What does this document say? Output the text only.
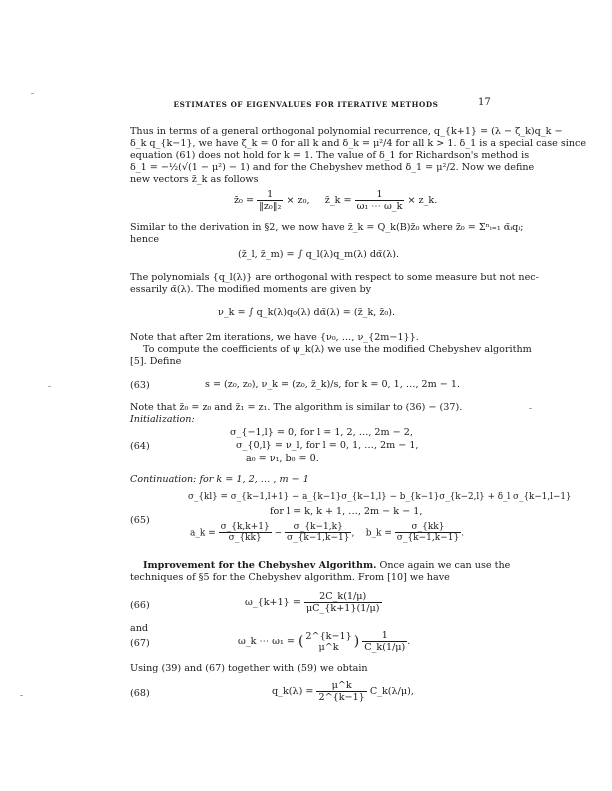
ESTIMATES OF EIGENVALUES FOR ITERATIVE METHODS	17
Thus in terms of a general orthogonal polynomial recurrence, q_{k+1} = (λ − ζ_k)q_k −
δ_k q_{k−1}, we have ζ_k = 0 for all k and δ_k = μ²/4 for all k > 1. δ_1 is a special case since
equation (61) does not hold for k = 1. The value of δ_1 for Richardson's method is
δ_1 = −½(√(1 − μ²) − 1) and for the Chebyshev method δ_1 = μ²/2. Now we define
new vectors z̃_k as follows
z̃₀ = $\frac{1}{\text{‖z₀‖₂}} \times z_0$, z̃_k = $\frac{1}{\text{ω₁ ⋯ ω\_k}}$ × z_k.
Similar to the derivation in §2, we now have z̃_k = Q_k(B)z̃₀ where z̃₀ = Σⁿᵢ₌₁ α̃ᵢqᵢ;
hence
(z̃_l, z̃_m) = ∫ q_l(λ)q_m(λ) dα̃(λ).
The polynomials {q_l(λ)} are orthogonal with respect to some measure but not nec-
essarily α̃(λ). The modified moments are given by
ν_k = ∫ q_k(λ)q₀(λ) dα̃(λ) = (z̃_k, z̃₀).
Note that after 2m iterations, we have {ν₀, …, ν_{2m−1}}.
To compute the coefficients of ψ_k(λ) we use the modified Chebyshev algorithm
[5]. Define
(63)	s = (z₀, z₀), ν_k = (z₀, z̃_k)/s, for k = 0, 1, …, 2m − 1.
Note that z̃₀ = z₀ and z̃₁ = z₁. The algorithm is similar to (36) − (37).
Initialization:
σ_{−1,l} = 0, for l = 1, 2, …, 2m − 2,
(64)	σ_{0,l} = ν_l, for l = 0, 1, …, 2m − 1,
a₀ = ν₁, b₀ = 0.
Continuation: for k = 1, 2, … , m − 1
σ_{kl} = σ_{k−1,l+1} − a_{k−1}σ_{k−1,l} − b_{k−1}σ_{k−2,l} + δ_l σ_{k−1,l−1}
for l = k, k + 1, …, 2m − k − 1,
(65)
a_k = $\frac{\sigma\_\{k,k+1\}}{\sigma\_\{kk\}} - \frac{\sigma\_\{k-1,k\}}{\sigma\_\{k-1,k-1\}}$ , b_k = $\frac{\sigma\_\{kk\}}{\sigma\_\{k-1,k-1\}}$ .
Improvement for the Chebyshev Algorithm. Once again we can use the
techniques of §5 for the Chebyshev algorithm. From [10] we have
(66)	ω_{k+1} = $\frac{2C\_k(1/\mu)}{\mu C\_\{k+1\}(1/\mu)}$
and
(67)	ω_k ⋯ ω₁ = ( 2^{k−1}
μ^k	) $\frac{1}{C\_k(1/\mu)}$ .
Using (39) and (67) together with (59) we obtain
(68)	q_k(λ) = $\frac{\mu\^{}k}{2\^{}\{k-1\}}$ C_k(λ/μ),
